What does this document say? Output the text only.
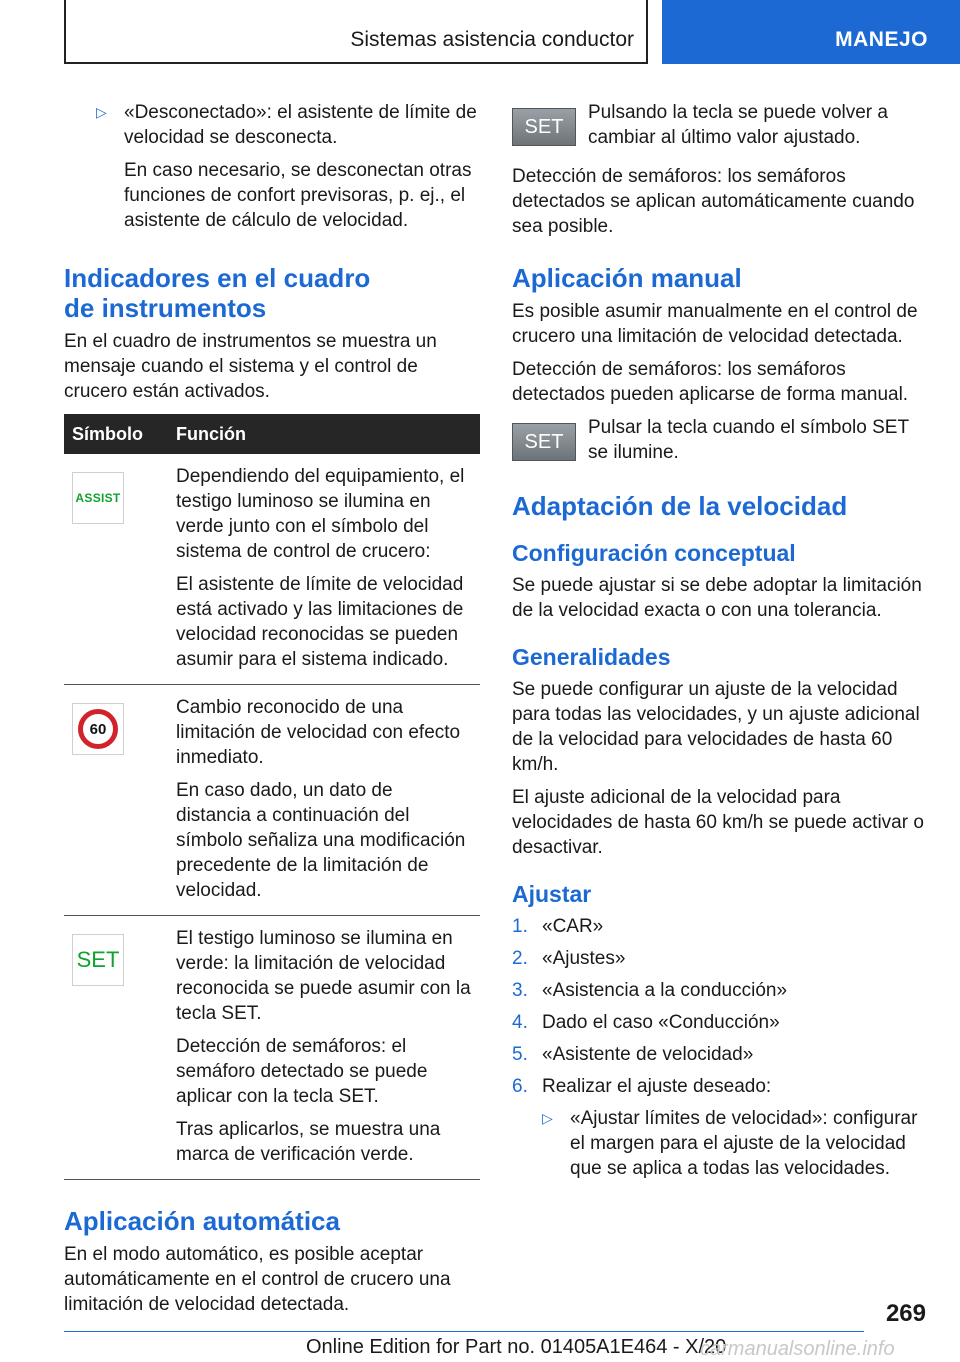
Sistemas asistencia conductor	MANEJO

▷ «Desconectado»: el asistente de límite de velocidad se desconecta.

En caso necesario, se desconectan otras funciones de confort previsoras, p. ej., el asistente de cálculo de velocidad.

Indicadores en el cuadro de instrumentos

En el cuadro de instrumentos se muestra un mensaje cuando el sistema y el control de crucero están activados.

Símbolo	Función

ASSIST	Dependiendo del equipamiento, el testigo luminoso se ilumina en verde junto con el símbolo del sistema de control de crucero:

El asistente de límite de velocidad está activado y las limitaciones de velocidad reconocidas se pueden asumir para el sistema indicado.

60	Cambio reconocido de una limitación de velocidad con efecto inmediato.

En caso dado, un dato de distancia a continuación del símbolo señaliza una modificación precedente de la limitación de velocidad.

SET	El testigo luminoso se ilumina en verde: la limitación de velocidad reconocida se puede asumir con la tecla SET.

Detección de semáforos: el semáforo detectado se puede aplicar con la tecla SET.

Tras aplicarlos, se muestra una marca de verificación verde.

Aplicación automática

En el modo automático, es posible aceptar automáticamente en el control de crucero una limitación de velocidad detectada.

SET

Pulsando la tecla se puede volver a cambiar al último valor ajustado.

Detección de semáforos: los semáforos detectados se aplican automáticamente cuando sea posible.

Aplicación manual

Es posible asumir manualmente en el control de crucero una limitación de velocidad detectada.

Detección de semáforos: los semáforos detectados pueden aplicarse de forma manual.

SET

Pulsar la tecla cuando el símbolo SET se ilumine.

Adaptación de la velocidad
Configuración conceptual

Se puede ajustar si se debe adoptar la limitación de la velocidad exacta o con una tolerancia.

Generalidades

Se puede configurar un ajuste de la velocidad para todas las velocidades, y un ajuste adicional de la velocidad para velocidades de hasta 60 km/h.

El ajuste adicional de la velocidad para velocidades de hasta 60 km/h se puede activar o desactivar.

Ajustar
1. «CAR»
2. «Ajustes»
3. «Asistencia a la conducción»
4. Dado el caso «Conducción»
5. «Asistente de velocidad»
6. Realizar el ajuste deseado:

▷ «Ajustar límites de velocidad»: configurar el margen para el ajuste de la velocidad que se aplica a todas las velocidades.

269
Online Edition for Part no. 01405A1E464 - X/20
carmanualsonline.info
